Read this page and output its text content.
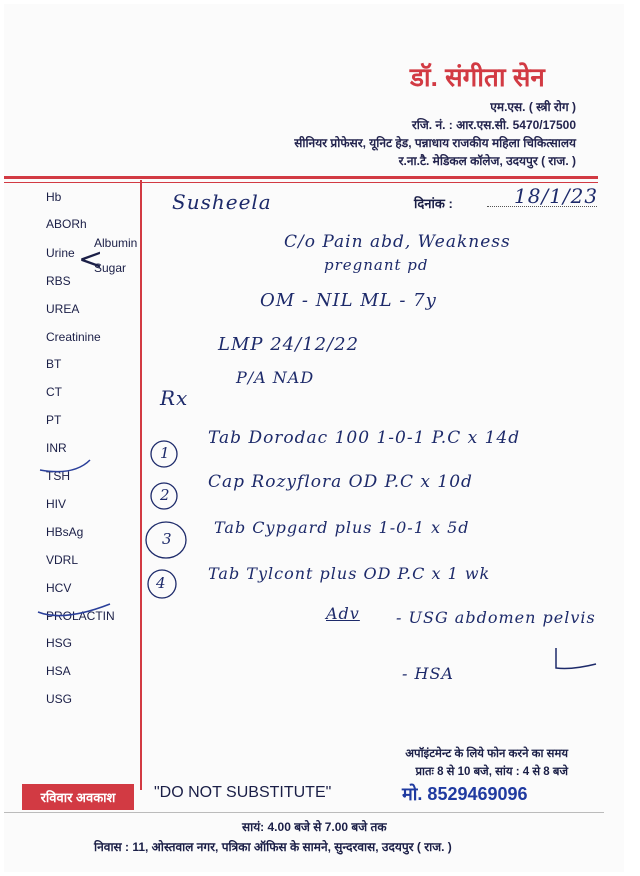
डॉ. संगीता सेन
एम.एस. ( स्त्री रोग )
रजि. नं. : आर.एस.सी. 5470/17500
सीनियर प्रोफेसर, यूनिट हेड, पन्नाधाय राजकीय महिला चिकित्सालय
र.ना.टै. मेडिकल कॉलेज, उदयपुर ( राज. )
Hb
ABORh
Urine <
Albumin
Sugar
RBS
UREA
Creatinine
BT
CT
PT
INR
TSH
HIV
HBsAg
VDRL
HCV
PROLACTIN
HSG
HSA
USG
दिनांक :	18/1/23
Susheela
C/o Pain abd, Weakness
pregnant pd
OM - NIL ML - 7y
LMP 24/12/22
P/A NAD
Rx
1
Tab Dorodac 100 1-0-1 P.C x 14d
2
Cap Rozyflora OD P.C x 10d
3
Tab Cypgard plus 1-0-1 x 5d
4	Tab Tylcont plus OD P.C x 1 wk
Adv - USG abdomen pelvis
- HSA
अपॉइंटमेन्ट के लिये फोन करने का समय
प्रातः 8 से 10 बजे, सांय : 4 से 8 बजे
रविवार अवकाश "DO NOT SUBSTITUTE"	मो. 8529469096
सायं: 4.00 बजे से 7.00 बजे तक
निवास : 11, ओस्तवाल नगर, पत्रिका ऑफिस के सामने, सुन्दरवास, उदयपुर ( राज. )
